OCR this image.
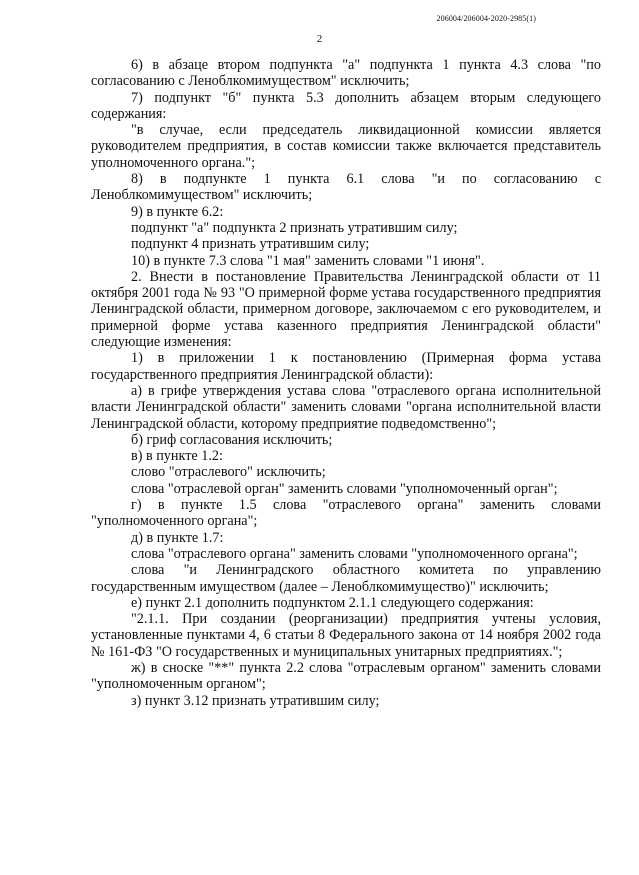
206004/206004-2020-2985(1)
2

6) в абзаце втором подпункта "а" подпункта 1 пункта 4.3 слова "по согласованию с Леноблкомимуществом" исключить;

7) подпункт "б" пункта 5.3 дополнить абзацем вторым следующего содержания:

"в случае, если председатель ликвидационной комиссии является руководителем предприятия, в состав комиссии также включается представитель уполномоченного органа.";

8) в подпункте 1 пункта 6.1 слова "и по согласованию с Леноблкомимуществом" исключить;

9) в пункте 6.2:

подпункт "а" подпункта 2 признать утратившим силу;

подпункт 4 признать утратившим силу;

10) в пункте 7.3 слова "1 мая" заменить словами "1 июня".

2. Внести в постановление Правительства Ленинградской области от 11 октября 2001 года № 93 "О примерной форме устава государственного предприятия Ленинградской области, примерном договоре, заключаемом с его руководителем, и примерной форме устава казенного предприятия Ленинградской области" следующие изменения:

1) в приложении 1 к постановлению (Примерная форма устава государственного предприятия Ленинградской области):

а) в грифе утверждения устава слова "отраслевого органа исполнительной власти Ленинградской области" заменить словами "органа исполнительной власти Ленинградской области, которому предприятие подведомственно";

б) гриф согласования исключить;

в) в пункте 1.2:

слово "отраслевого" исключить;

слова "отраслевой орган" заменить словами "уполномоченный орган";

г) в пункте 1.5 слова "отраслевого органа" заменить словами "уполномоченного органа";

д) в пункте 1.7:

слова "отраслевого органа" заменить словами "уполномоченного органа";

слова "и Ленинградского областного комитета по управлению государственным имуществом (далее – Леноблкомимущество)" исключить;

е) пункт 2.1 дополнить подпунктом 2.1.1 следующего содержания:

"2.1.1. При создании (реорганизации) предприятия учтены условия, установленные пунктами 4, 6 статьи 8 Федерального закона от 14 ноября 2002 года № 161-ФЗ "О государственных и муниципальных унитарных предприятиях.";

ж) в сноске "**" пункта 2.2 слова "отраслевым органом" заменить словами "уполномоченным органом";

з) пункт 3.12 признать утратившим силу;
